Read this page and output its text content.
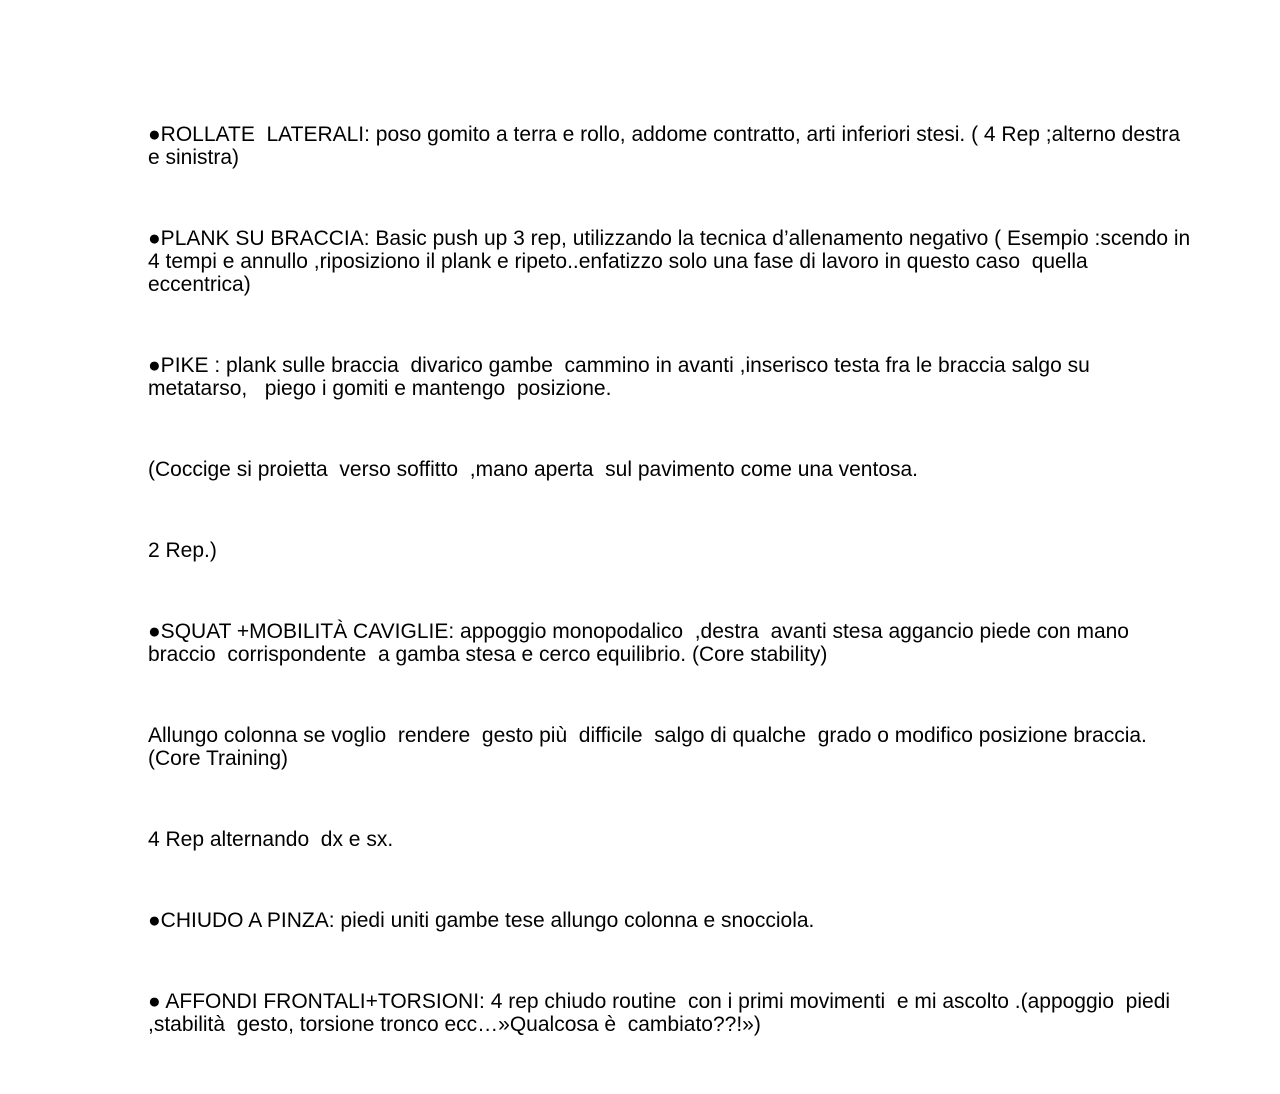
●ROLLATE  LATERALI: poso gomito a terra e rollo, addome contratto, arti inferiori stesi. ( 4 Rep ;alterno destra e sinistra)

●PLANK SU BRACCIA: Basic push up 3 rep, utilizzando la tecnica d’allenamento negativo ( Esempio :scendo in 4 tempi e annullo ,riposiziono il plank e ripeto..enfatizzo solo una fase di lavoro in questo caso  quella eccentrica)

●PIKE : plank sulle braccia  divarico gambe  cammino in avanti ,inserisco testa fra le braccia salgo su metatarso,   piego i gomiti e mantengo  posizione.

(Coccige si proietta  verso soffitto  ,mano aperta  sul pavimento come una ventosa.

2 Rep.)

●SQUAT +MOBILITÀ CAVIGLIE: appoggio monopodalico  ,destra  avanti stesa aggancio piede con mano braccio  corrispondente  a gamba stesa e cerco equilibrio. (Core stability)

Allungo colonna se voglio  rendere  gesto più  difficile  salgo di qualche  grado o modifico posizione braccia.(Core Training)

4 Rep alternando  dx e sx.

●CHIUDO A PINZA: piedi uniti gambe tese allungo colonna e snocciola.

● AFFONDI FRONTALI+TORSIONI: 4 rep chiudo routine  con i primi movimenti  e mi ascolto .(appoggio  piedi ,stabilità  gesto, torsione tronco ecc…»Qualcosa è  cambiato??!»)
